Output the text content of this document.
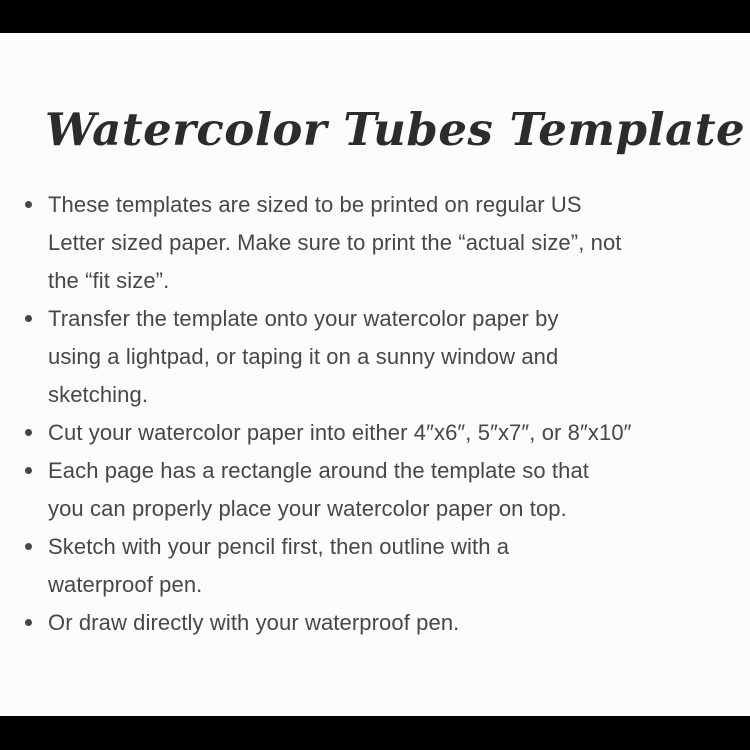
Watercolor Tubes Template
These templates are sized to be printed on regular US
Letter sized paper. Make sure to print the “actual size”, not
the “fit size”.
Transfer the template onto your watercolor paper by
using a lightpad, or taping it on a sunny window and
sketching.
Cut your watercolor paper into either 4″x6″, 5″x7″, or 8″x10″
Each page has a rectangle around the template so that
you can properly place your watercolor paper on top.
Sketch with your pencil first, then outline with a
waterproof pen.
Or draw directly with your waterproof pen.
